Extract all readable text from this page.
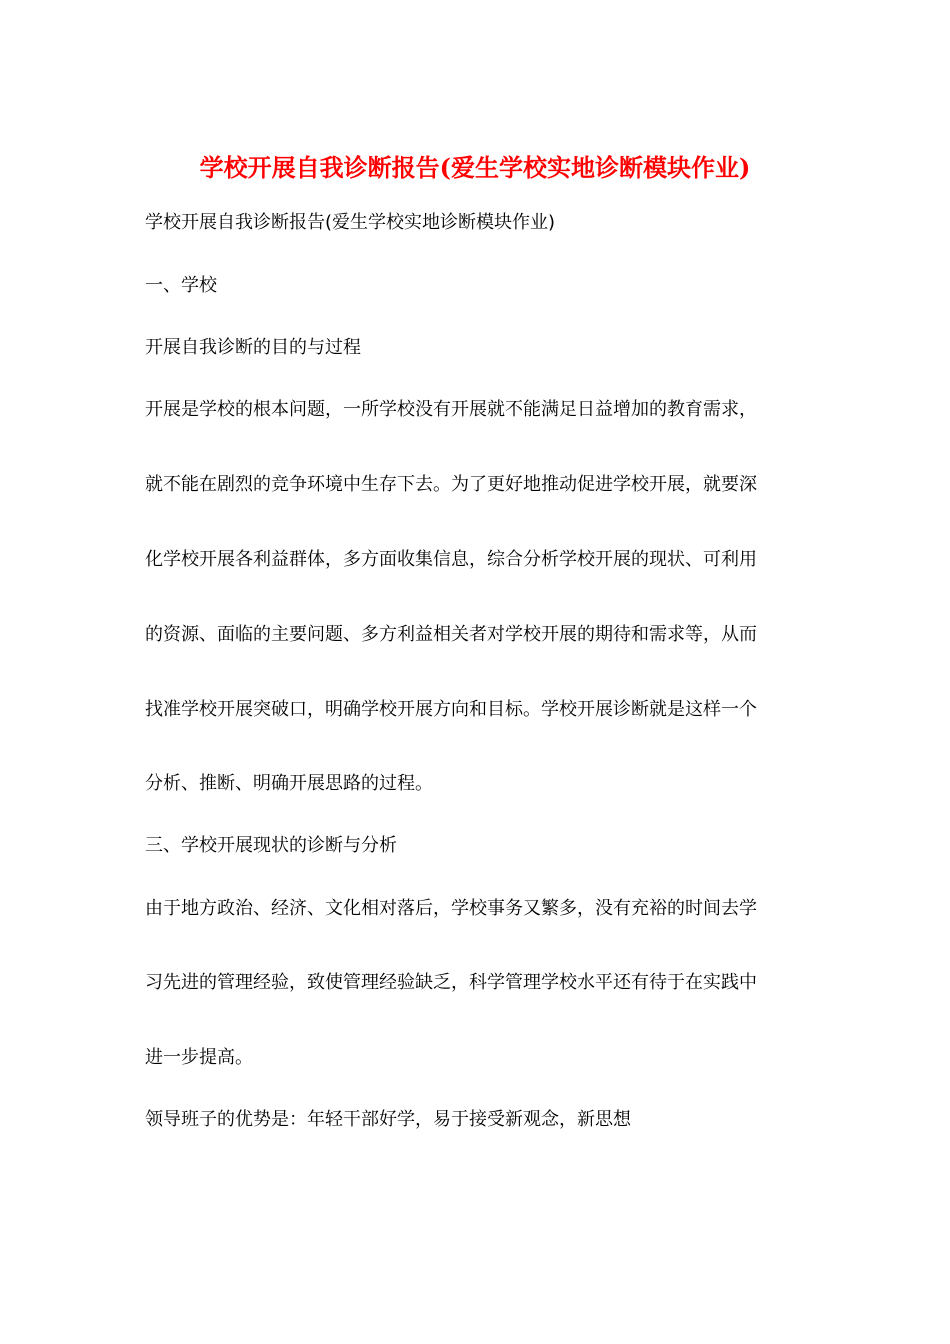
学校开展自我诊断报告(爱生学校实地诊断模块作业)
学校开展自我诊断报告(爱生学校实地诊断模块作业)
一、学校
开展自我诊断的目的与过程
开展是学校的根本问题，一所学校没有开展就不能满足日益增加的教育需求，
就不能在剧烈的竞争环境中生存下去。为了更好地推动促进学校开展，就要深
化学校开展各利益群体，多方面收集信息，综合分析学校开展的现状、可利用
的资源、面临的主要问题、多方利益相关者对学校开展的期待和需求等，从而
找准学校开展突破口，明确学校开展方向和目标。学校开展诊断就是这样一个
分析、推断、明确开展思路的过程。
三、学校开展现状的诊断与分析
由于地方政治、经济、文化相对落后，学校事务又繁多，没有充裕的时间去学
习先进的管理经验，致使管理经验缺乏，科学管理学校水平还有待于在实践中
进一步提高。
领导班子的优势是：年轻干部好学，易于接受新观念，新思想
